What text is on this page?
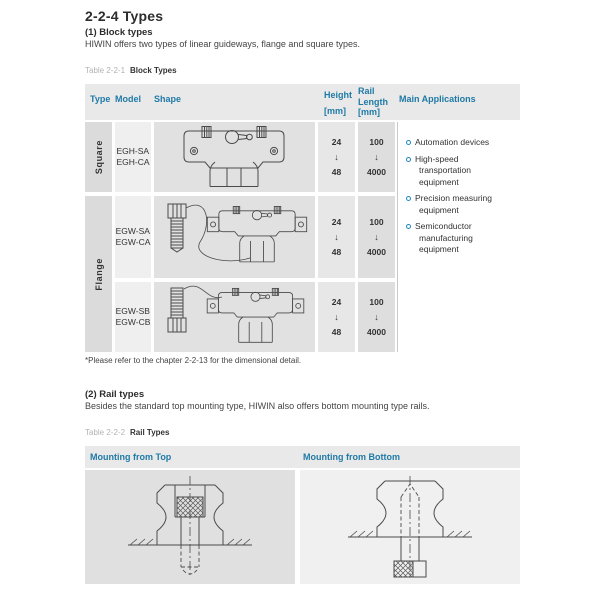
2-2-4 Types
(1) Block types
HIWIN offers two types of linear guideways, flange and square types.
Table 2-2-1 Block Types
Type Model Shape	Height
[mm]
Rail
Length
[mm]
Main Applications
Square EGH-SA
EGH-CA
24
↓
48
100
↓
4000
Automation devices
High-speed transportation equipment
Precision measuring equipment
Semiconductor manufacturing equipment
Flange
EGW-SA
EGW-CA
24
↓
48
100
↓
4000
EGW-SB
EGW-CB
24
↓
48
100
↓
4000
*Please refer to the chapter 2-2-13 for the dimensional detail.
(2) Rail types
Besides the standard top mounting type, HIWIN also offers bottom mounting type rails.
Table 2-2-2 Rail Types
Mounting from Top	Mounting from Bottom
